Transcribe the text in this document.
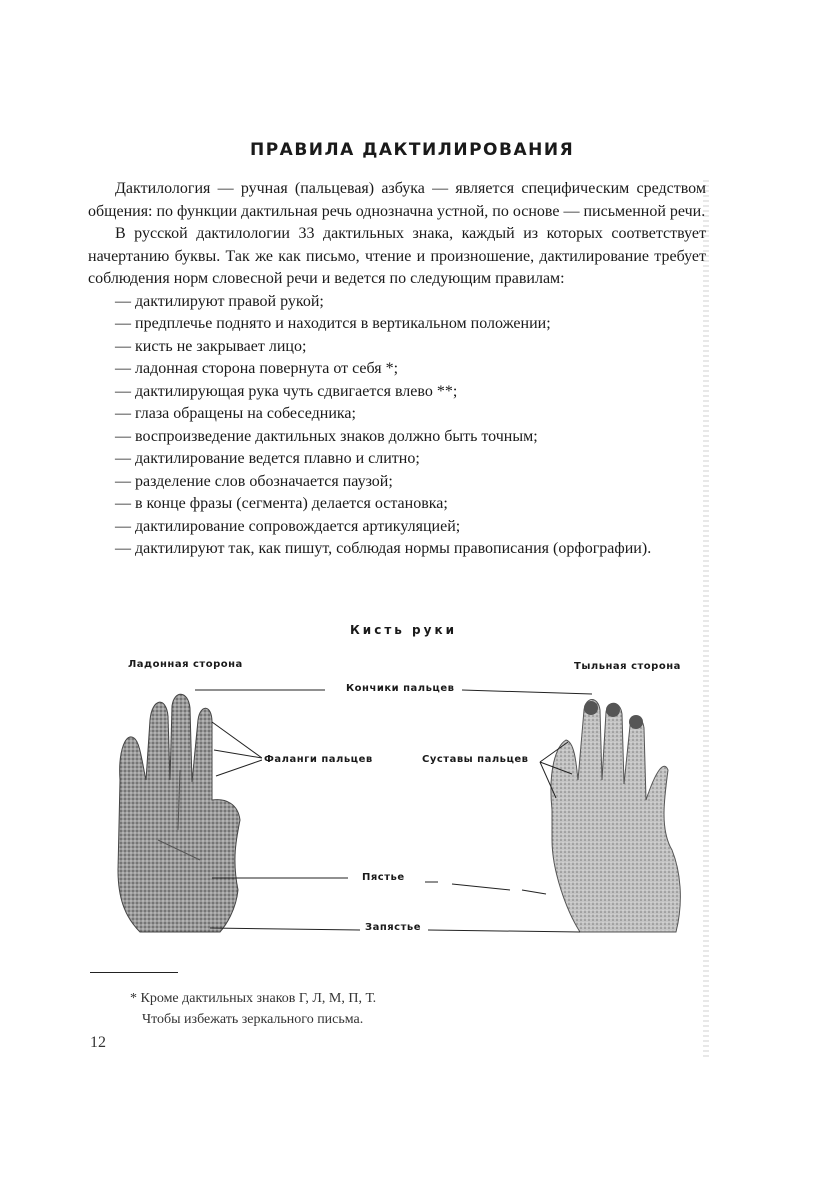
ПРАВИЛА ДАКТИЛИРОВАНИЯ

Дактилология — ручная (пальцевая) азбука — является специфическим средством общения: по функции дактильная речь однозначна устной, по основе — письменной речи.

В русской дактилологии 33 дактильных знака, каждый из которых соответствует начертанию буквы. Так же как письмо, чтение и произношение, дактилирование требует соблюдения норм словесной речи и ведется по следующим правилам:

— дактилируют правой рукой;

— предплечье поднято и находится в вертикальном положении;

— кисть не закрывает лицо;

— ладонная сторона повернута от себя *;

— дактилирующая рука чуть сдвигается влево **;

— глаза обращены на собеседника;

— воспроизведение дактильных знаков должно быть точным;

— дактилирование ведется плавно и слитно;

— разделение слов обозначается паузой;

— в конце фразы (сегмента) делается остановка;

— дактилирование сопровождается артикуляцией;

— дактилируют так, как пишут, соблюдая нормы правописания (орфографии).

Кисть руки
Ладонная сторона	Тыльная сторона
Кончики пальцев
Фаланги пальцев	Суставы пальцев
Пястье
Запястье
* Кроме дактильных знаков Г, Л, М, П, Т.
Чтобы избежать зеркального письма.
12
